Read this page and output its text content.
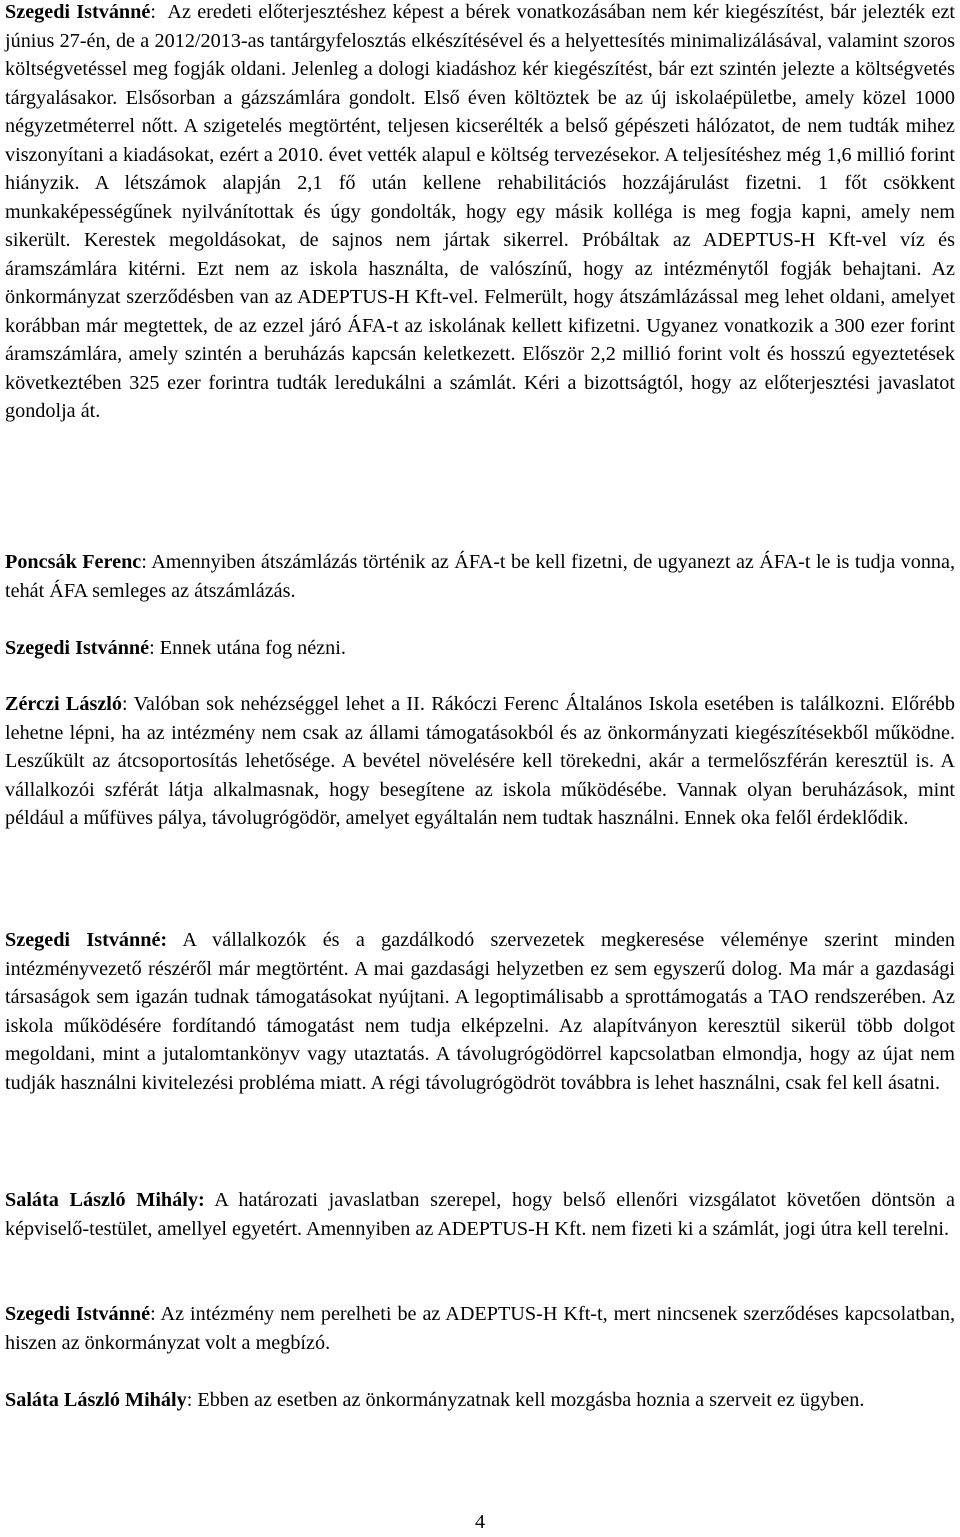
Szegedi Istvánné:  Az eredeti előterjesztéshez képest a bérek vonatkozásában nem kér kiegészítést, bár jelezték ezt június 27-én, de a 2012/2013-as tantárgyfelosztás elkészítésével és a helyettesítés minimalizálásával, valamint szoros költségvetéssel meg fogják oldani. Jelenleg a dologi kiadáshoz kér kiegészítést, bár ezt szintén jelezte a költségvetés tárgyalásakor. Elsősorban a gázszámlára gondolt. Első éven költöztek be az új iskolaépületbe, amely közel 1000 négyzetméterrel nőtt. A szigetelés megtörtént, teljesen kicserélték a belső gépészeti hálózatot, de nem tudták mihez viszonyítani a kiadásokat, ezért a 2010. évet vették alapul e költség tervezésekor. A teljesítéshez még 1,6 millió forint hiányzik. A létszámok alapján 2,1 fő után kellene rehabilitációs hozzájárulást fizetni. 1 főt csökkent munkaképességűnek nyilvánítottak és úgy gondolták, hogy egy másik kolléga is meg fogja kapni, amely nem sikerült. Kerestek megoldásokat, de sajnos nem jártak sikerrel. Próbáltak az ADEPTUS-H Kft-vel víz és áramszámlára kitérni. Ezt nem az iskola használta, de valószínű, hogy az intézménytől fogják behajtani. Az önkormányzat szerződésben van az ADEPTUS-H Kft-vel. Felmerült, hogy átszámlázással meg lehet oldani, amelyet korábban már megtettek, de az ezzel járó ÁFA-t az iskolának kellett kifizetni. Ugyanez vonatkozik a 300 ezer forint áramszámlára, amely szintén a beruházás kapcsán keletkezett. Először 2,2 millió forint volt és hosszú egyeztetések következtében 325 ezer forintra tudták leredukálni a számlát. Kéri a bizottságtól, hogy az előterjesztési javaslatot gondolja át.

Poncsák Ferenc: Amennyiben átszámlázás történik az ÁFA-t be kell fizetni, de ugyanezt az ÁFA-t le is tudja vonna, tehát ÁFA semleges az átszámlázás.

Szegedi Istvánné: Ennek utána fog nézni.

Zérczi László: Valóban sok nehézséggel lehet a II. Rákóczi Ferenc Általános Iskola esetében is találkozni. Előrébb lehetne lépni, ha az intézmény nem csak az állami támogatásokból és az önkormányzati kiegészítésekből működne. Leszűkült az átcsoportosítás lehetősége. A bevétel növelésére kell törekedni, akár a termelőszférán keresztül is. A vállalkozói szférát látja alkalmasnak, hogy besegítene az iskola működésébe. Vannak olyan beruházások, mint például a műfüves pálya, távolugrógödör, amelyet egyáltalán nem tudtak használni. Ennek oka felől érdeklődik.

Szegedi Istvánné: A vállalkozók és a gazdálkodó szervezetek megkeresése véleménye szerint minden intézményvezető részéről már megtörtént. A mai gazdasági helyzetben ez sem egyszerű dolog. Ma már a gazdasági társaságok sem igazán tudnak támogatásokat nyújtani. A legoptimálisabb a sprottámogatás a TAO rendszerében. Az iskola működésére fordítandó támogatást nem tudja elképzelni. Az alapítványon keresztül sikerül több dolgot megoldani, mint a jutalomtankönyv vagy utaztatás. A távolugrógödörrel kapcsolatban elmondja, hogy az újat nem tudják használni kivitelezési probléma miatt. A régi távolugrógödröt továbbra is lehet használni, csak fel kell ásatni.

Saláta László Mihály: A határozati javaslatban szerepel, hogy belső ellenőri vizsgálatot követően döntsön a képviselő-testület, amellyel egyetért. Amennyiben az ADEPTUS-H Kft. nem fizeti ki a számlát, jogi útra kell terelni.

Szegedi Istvánné: Az intézmény nem perelheti be az ADEPTUS-H Kft-t, mert nincsenek szerződéses kapcsolatban, hiszen az önkormányzat volt a megbízó.

Saláta László Mihály: Ebben az esetben az önkormányzatnak kell mozgásba hoznia a szerveit ez ügyben.

4
